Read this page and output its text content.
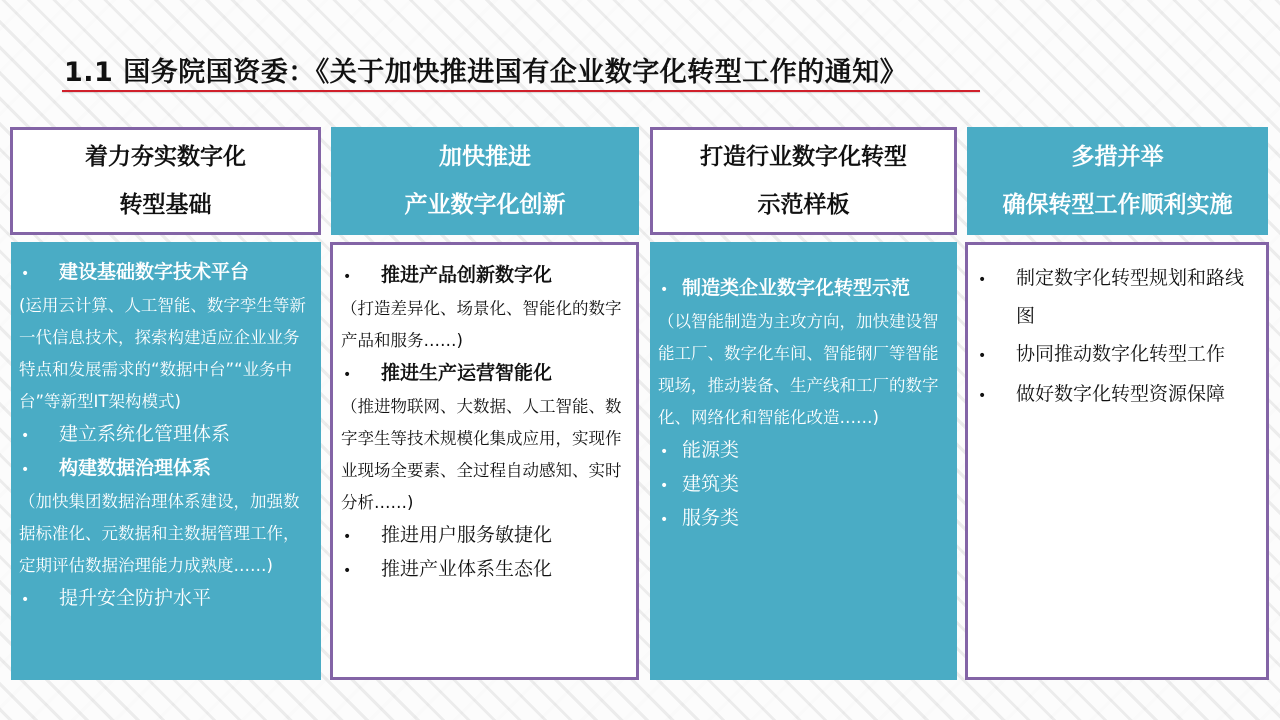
1.1 国务院国资委：《关于加快推进国有企业数字化转型工作的通知》
着力夯实数字化
转型基础
•	建设基础数字技术平台
(运用云计算、人工智能、数字孪生等新一代信息技术，探索构建适应企业业务特点和发展需求的“数据中台”“业务中台”等新型IT架构模式)
•	建立系统化管理体系
•	构建数据治理体系
（加快集团数据治理体系建设，加强数据标准化、元数据和主数据管理工作，定期评估数据治理能力成熟度……)
•	提升安全防护水平
加快推进
产业数字化创新
•	推进产品创新数字化
（打造差异化、场景化、智能化的数字产品和服务……)
•	推进生产运营智能化
（推进物联网、大数据、人工智能、数字孪生等技术规模化集成应用，实现作业现场全要素、全过程自动感知、实时分析……)
•	推进用户服务敏捷化
•	推进产业体系生态化
打造行业数字化转型
示范样板
• 制造类企业数字化转型示范
（以智能制造为主攻方向，加快建设智能工厂、数字化车间、智能钢厂等智能现场，推动装备、生产线和工厂的数字化、网络化和智能化改造……)
• 能源类
• 建筑类
• 服务类
多措并举
确保转型工作顺利实施
•	制定数字化转型规划和路线图
•	协同推动数字化转型工作
•	做好数字化转型资源保障
